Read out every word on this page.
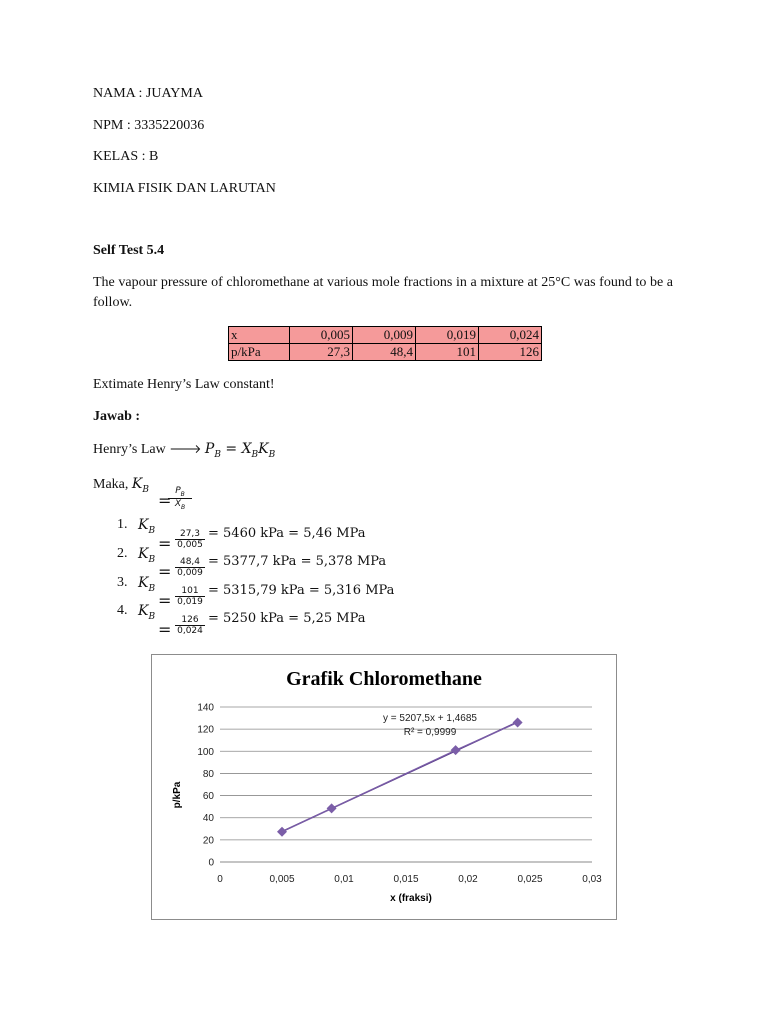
NAMA : JUAYMA
NPM : 3335220036
KELAS : B
KIMIA FISIK DAN LARUTAN
Self Test 5.4
The vapour pressure of chloromethane at various mole fractions in a mixture at 25°C was found to be a follow.
x	0,005	0,009	0,019	0,024
p/kPa	27,3	48,4	101	126
Extimate Henry’s Law constant!
Jawab :
Henry’s Law 🡒 $P_B = X_BK_B$
Maka, $K_B$
=
$\frac{P_B}{X_B}$
1. $K_B$
= $\frac{27,3}{0,005} = 5460$ kPa = 5,46 MPa
2. $K_B$
= $\frac{48,4}{0,009} = 5377,7$ kPa = 5,378 MPa
3. $K_B$
= $\frac{101}{0,019} = 5315,79$ kPa = 5,316 MPa
4. $K_B$
= $\frac{126}{0,024} = 5250$ kPa = 5,25 MPa
Grafik Chloromethane
0
20
40
60
80
100
120
140
0	0,005	0,01	0,015	0,02	0,025	0,03
y = 5207,5x + 1,4685
R² = 0,9999
x (fraksi)
p/kPa
